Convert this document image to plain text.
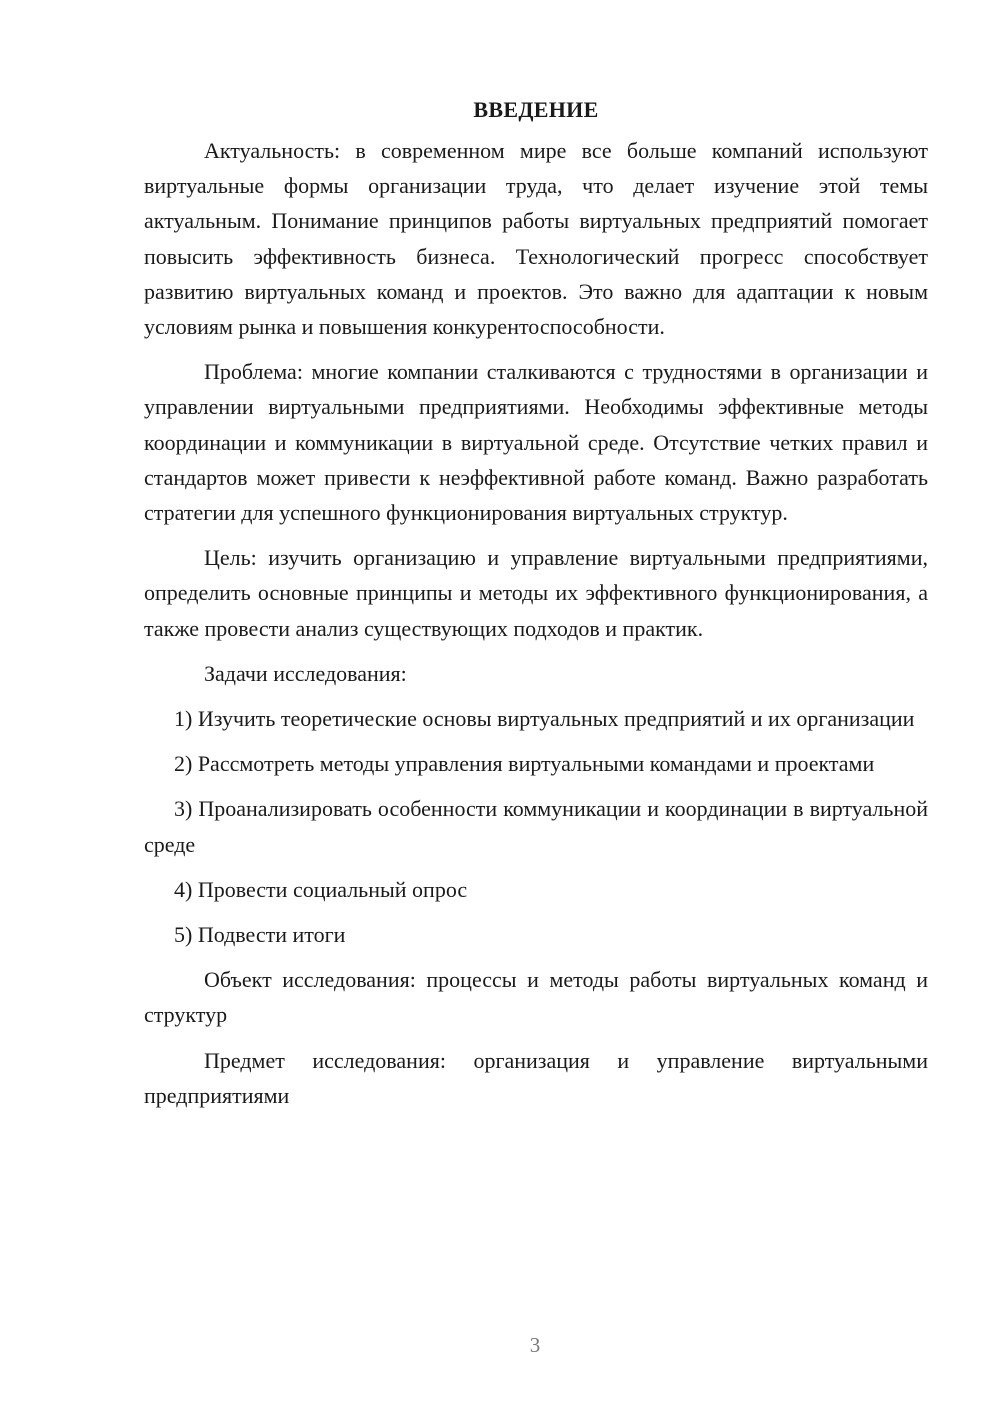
ВВЕДЕНИЕ

Актуальность: в современном мире все больше компаний используют виртуальные формы организации труда, что делает изучение этой темы актуальным. Понимание принципов работы виртуальных предприятий помогает повысить эффективность бизнеса. Технологический прогресс способствует развитию виртуальных команд и проектов. Это важно для адаптации к новым условиям рынка и повышения конкурентоспособности.

Проблема: многие компании сталкиваются с трудностями в организации и управлении виртуальными предприятиями. Необходимы эффективные методы координации и коммуникации в виртуальной среде. Отсутствие четких правил и стандартов может привести к неэффективной работе команд. Важно разработать стратегии для успешного функционирования виртуальных структур.

Цель: изучить организацию и управление виртуальными предприятиями, определить основные принципы и методы их эффективного функционирования, а также провести анализ существующих подходов и практик.

Задачи исследования:

1) Изучить теоретические основы виртуальных предприятий и их организации

2) Рассмотреть методы управления виртуальными командами и проектами

3) Проанализировать особенности коммуникации и координации в виртуальной среде

4) Провести социальный опрос

5) Подвести итоги

Объект исследования: процессы и методы работы виртуальных команд и структур

Предмет исследования: организация и управление виртуальными предприятиями

3
